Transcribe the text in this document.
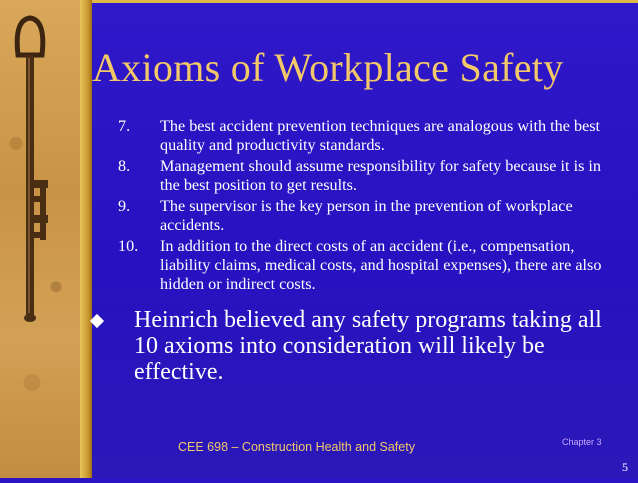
Axioms of Workplace Safety
7. The best accident prevention techniques are analogous with the best quality and productivity standards.
8. Management should assume responsibility for safety because it is in the best position to get results.
9. The supervisor is the key person in the prevention of workplace accidents.
10. In addition to the direct costs of an accident (i.e., compensation, liability claims, medical costs, and hospital expenses), there are also hidden or indirect costs.
Heinrich believed any safety programs taking all 10 axioms into consideration will likely be effective.
CEE 698 – Construction Health and Safety	Chapter 3
5
